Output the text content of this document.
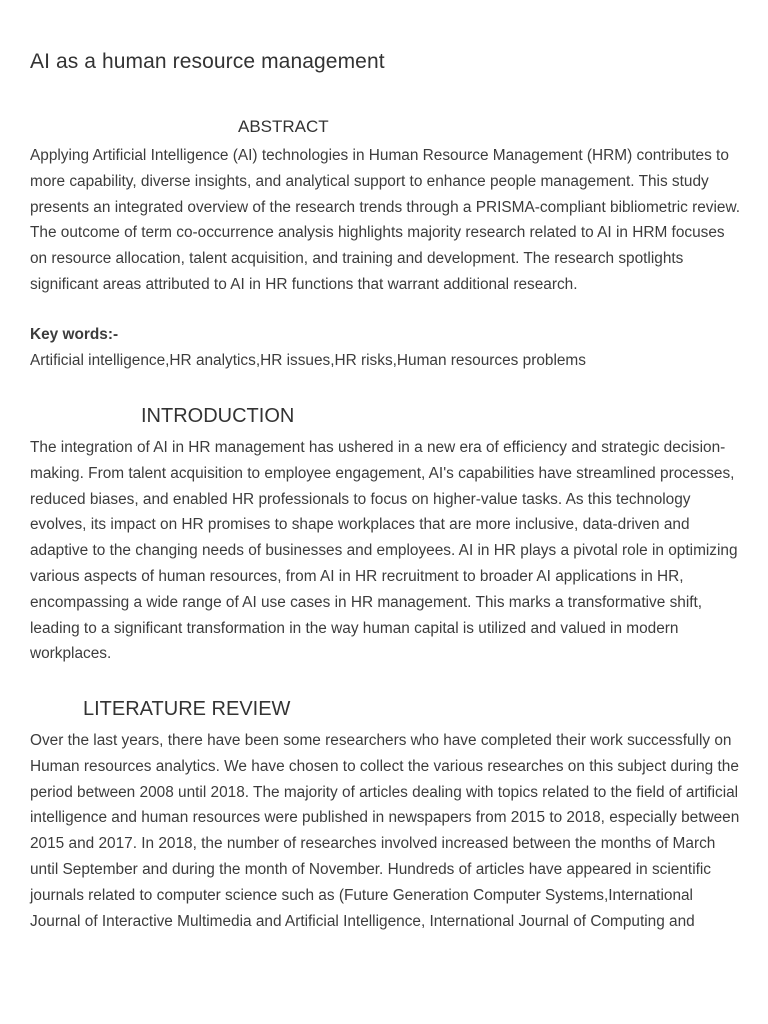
AI as a human resource management
ABSTRACT

Applying Artificial Intelligence (AI) technologies in Human Resource Management (HRM) contributes to more capability, diverse insights, and analytical support to enhance people management. This study presents an integrated overview of the research trends through a PRISMA-compliant bibliometric review. The outcome of term co-occurrence analysis highlights majority research related to AI in HRM focuses on resource allocation, talent acquisition, and training and development. The research spotlights significant areas attributed to AI in HR functions that warrant additional research.

Key words:-

Artificial intelligence,HR analytics,HR issues,HR risks,Human resources problems

INTRODUCTION

The integration of AI in HR management has ushered in a new era of efficiency and strategic decision-making. From talent acquisition to employee engagement, AI's capabilities have streamlined processes, reduced biases, and enabled HR professionals to focus on higher-value tasks. As this technology evolves, its impact on HR promises to shape workplaces that are more inclusive, data-driven and adaptive to the changing needs of businesses and employees. AI in HR plays a pivotal role in optimizing various aspects of human resources, from AI in HR recruitment to broader AI applications in HR, encompassing a wide range of AI use cases in HR management. This marks a transformative shift, leading to a significant transformation in the way human capital is utilized and valued in modern workplaces.

LITERATURE REVIEW

Over the last years, there have been some researchers who have completed their work successfully on Human resources analytics. We have chosen to collect the various researches on this subject during the period between 2008 until 2018. The majority of articles dealing with topics related to the field of artificial intelligence and human resources were published in newspapers from 2015 to 2018, especially between 2015 and 2017. In 2018, the number of researches involved increased between the months of March until September and during the month of November. Hundreds of articles have appeared in scientific journals related to computer science such as (Future Generation Computer Systems,International Journal of Interactive Multimedia and Artificial Intelligence, International Journal of Computing and
